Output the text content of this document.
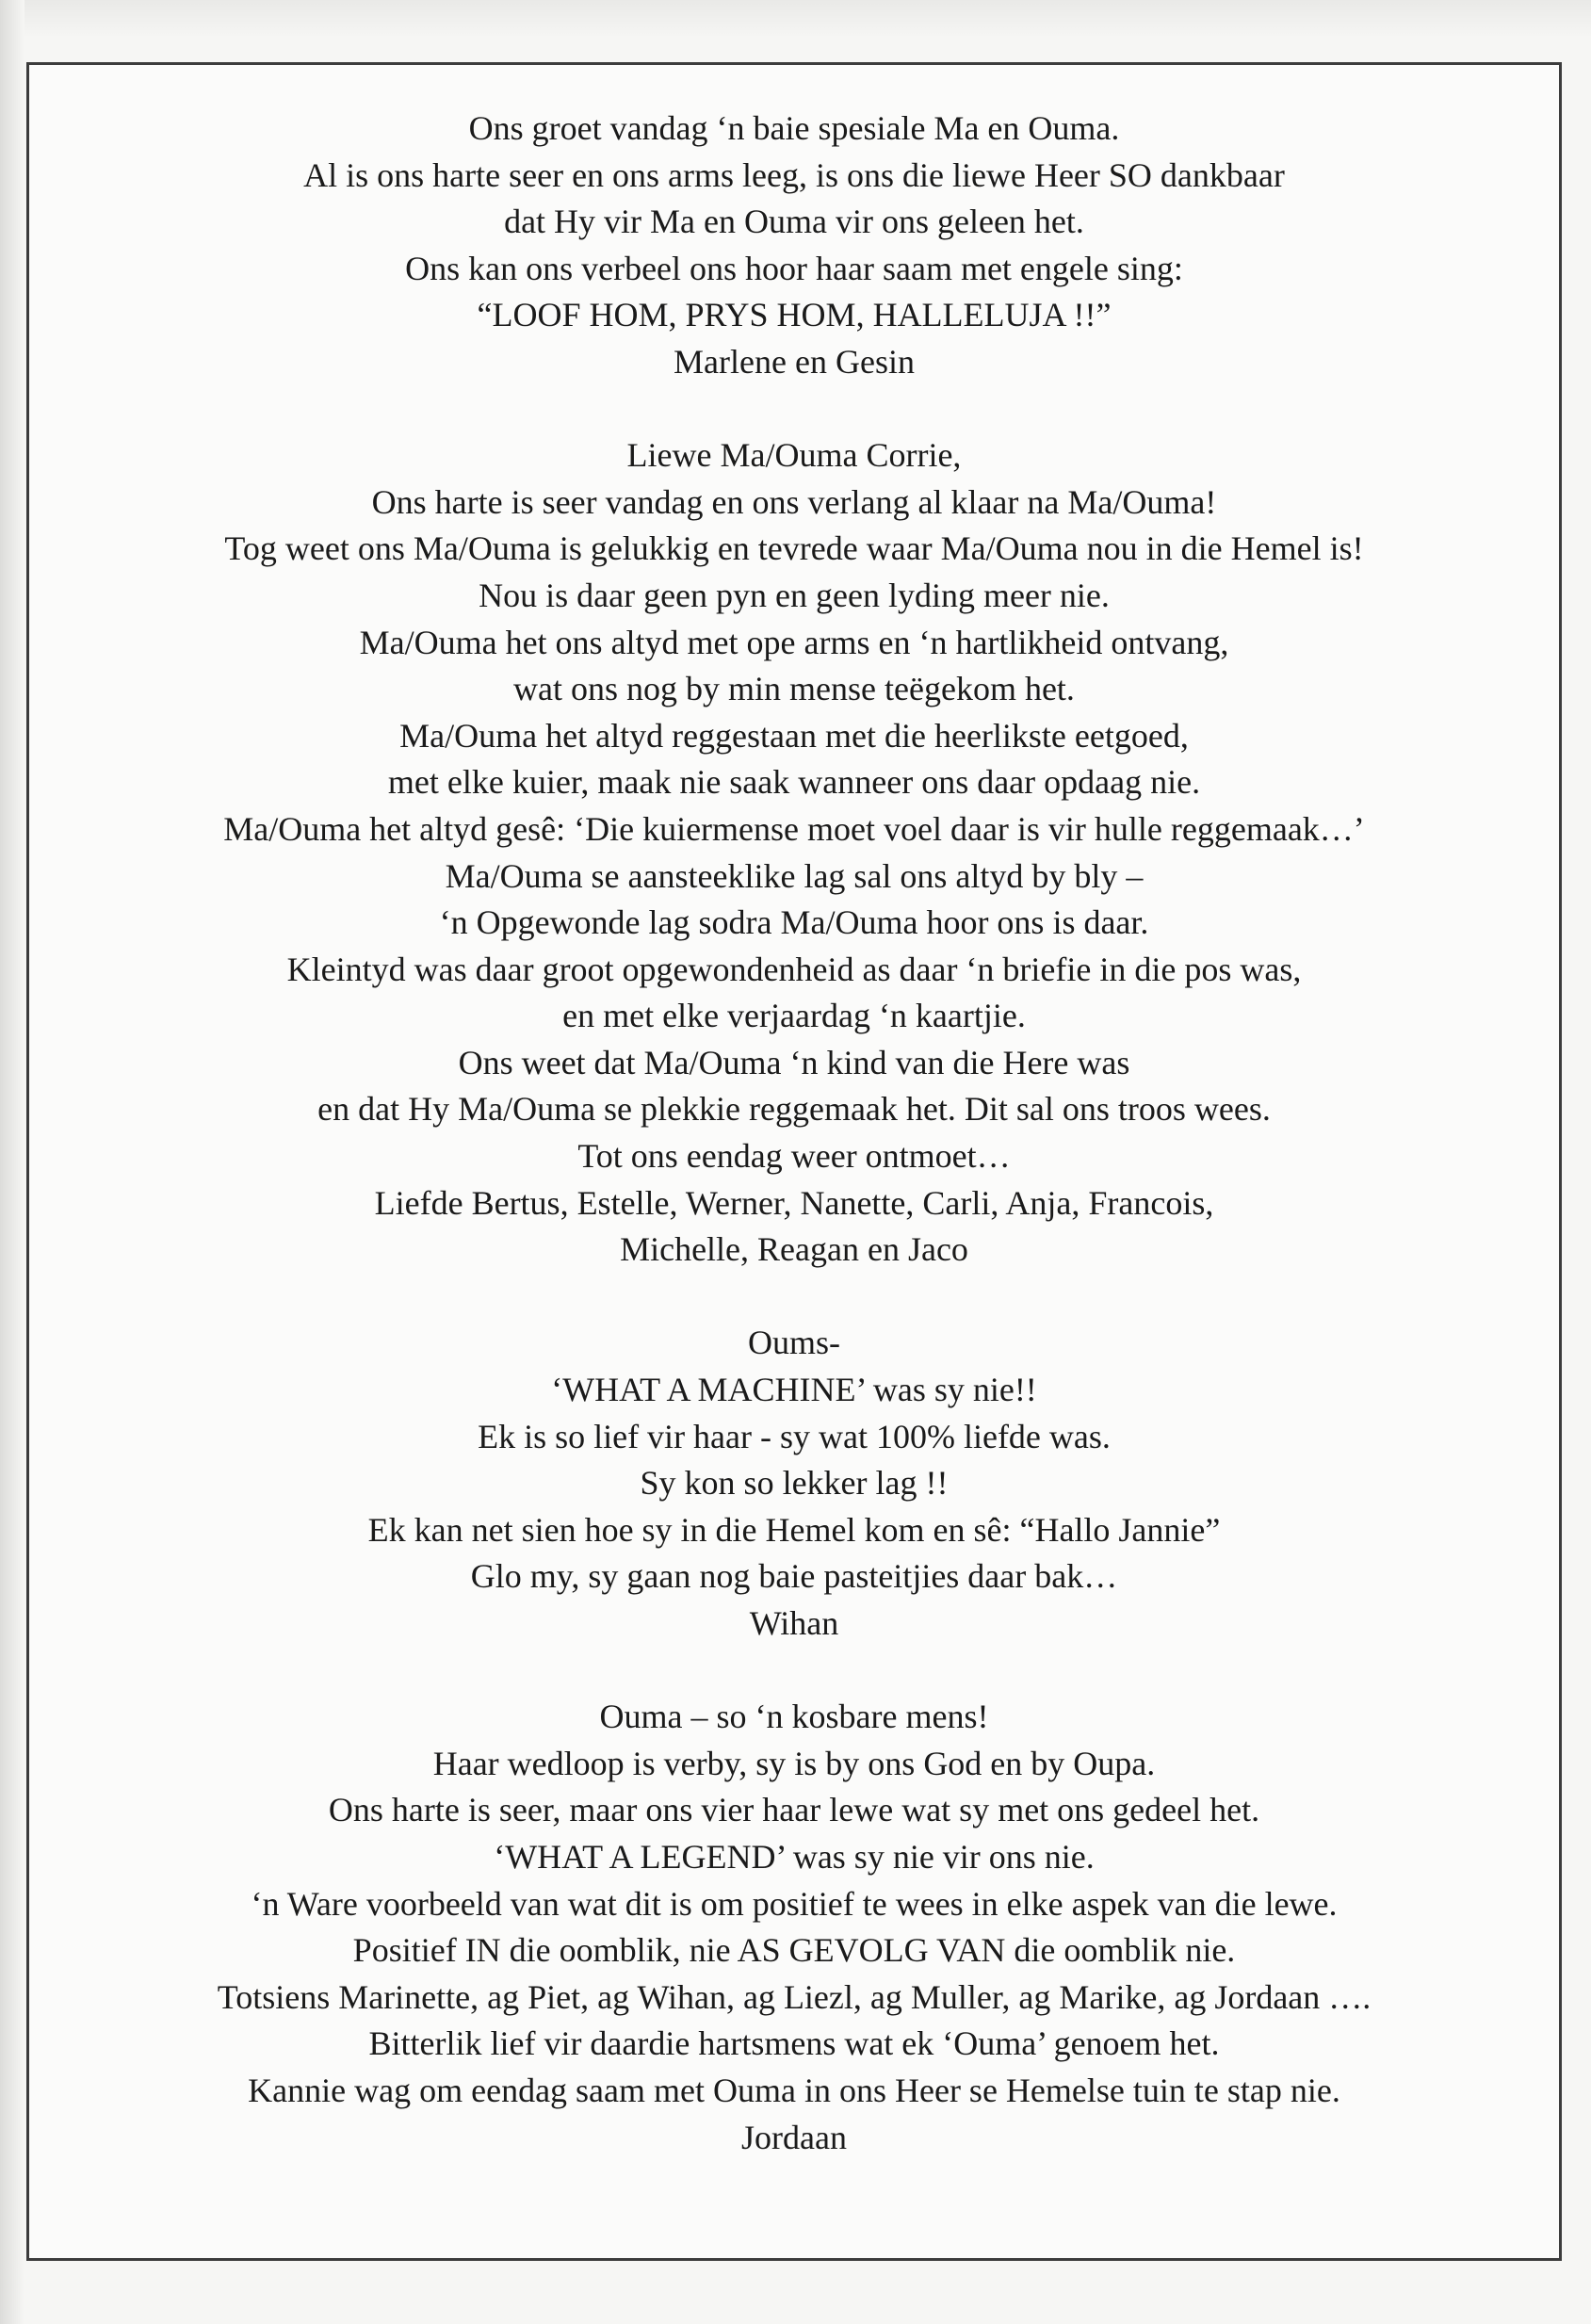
Ons groet vandag ‘n baie spesiale Ma en Ouma.
Al is ons harte seer en ons arms leeg, is ons die liewe Heer SO dankbaar
dat Hy vir Ma en Ouma vir ons geleen het.
Ons kan ons verbeel ons hoor haar saam met engele sing:
“LOOF HOM, PRYS HOM, HALLELUJA !!”
Marlene en Gesin
Liewe Ma/Ouma Corrie,
Ons harte is seer vandag en ons verlang al klaar na Ma/Ouma!
Tog weet ons Ma/Ouma is gelukkig en tevrede waar Ma/Ouma nou in die Hemel is!
Nou is daar geen pyn en geen lyding meer nie.
Ma/Ouma het ons altyd met ope arms en ‘n hartlikheid ontvang,
wat ons nog by min mense teëgekom het.
Ma/Ouma het altyd reggestaan met die heerlikste eetgoed,
met elke kuier, maak nie saak wanneer ons daar opdaag nie.
Ma/Ouma het altyd gesê: ‘Die kuiermense moet voel daar is vir hulle reggemaak…’
Ma/Ouma se aansteeklike lag sal ons altyd by bly –
‘n Opgewonde lag sodra Ma/Ouma hoor ons is daar.
Kleintyd was daar groot opgewondenheid as daar ‘n briefie in die pos was,
en met elke verjaardag ‘n kaartjie.
Ons weet dat Ma/Ouma ‘n kind van die Here was
en dat Hy Ma/Ouma se plekkie reggemaak het. Dit sal ons troos wees.
Tot ons eendag weer ontmoet…
Liefde Bertus, Estelle, Werner, Nanette, Carli, Anja, Francois,
Michelle, Reagan en Jaco
Oums-
‘WHAT A MACHINE’ was sy nie!!
Ek is so lief vir haar - sy wat 100% liefde was.
Sy kon so lekker lag !!
Ek kan net sien hoe sy in die Hemel kom en sê: “Hallo Jannie”
Glo my, sy gaan nog baie pasteitjies daar bak…
Wihan
Ouma – so ‘n kosbare mens!
Haar wedloop is verby, sy is by ons God en by Oupa.
Ons harte is seer, maar ons vier haar lewe wat sy met ons gedeel het.
‘WHAT A LEGEND’ was sy nie vir ons nie.
‘n Ware voorbeeld van wat dit is om positief te wees in elke aspek van die lewe.
Positief IN die oomblik, nie AS GEVOLG VAN die oomblik nie.
Totsiens Marinette, ag Piet, ag Wihan, ag Liezl, ag Muller, ag Marike, ag Jordaan ….
Bitterlik lief vir daardie hartsmens wat ek ‘Ouma’ genoem het.
Kannie wag om eendag saam met Ouma in ons Heer se Hemelse tuin te stap nie.
Jordaan
